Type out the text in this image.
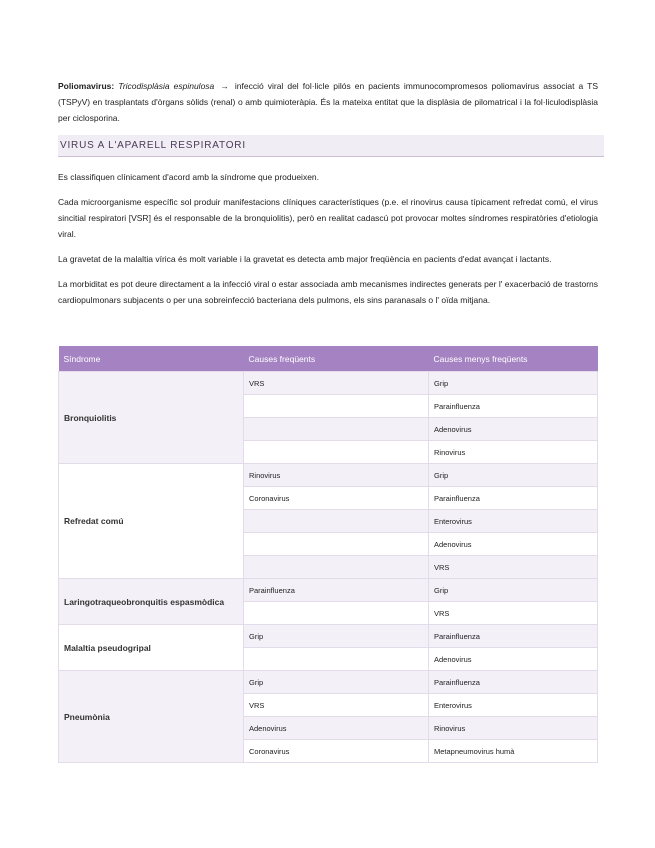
Poliomavirus: Tricodisplàsia espinulosa → infecció viral del fol·licle pilós en pacients immunocompromesos poliomavirus associat a TS (TSPyV) en trasplantats d'òrgans sòlids (renal) o amb quimioteràpia. És la mateixa entitat que la displàsia de pilomatrical i la fol·liculodisplàsia per ciclosporina.

VIRUS A L'APARELL RESPIRATORI

Es classifiquen clínicament d'acord amb la síndrome que produeixen.

Cada microorganisme específic sol produir manifestacions clíniques característiques (p.e. el rinovirus causa típicament refredat comú, el virus sincitial respiratori [VSR] és el responsable de la bronquiolitis), però en realitat cadascú pot provocar moltes síndromes respiratòries d'etiologia viral.

La gravetat de la malaltia vírica és molt variable i la gravetat es detecta amb major freqüència en pacients d'edat avançat i lactants.

La morbiditat es pot deure directament a la infecció viral o estar associada amb mecanismes indirectes generats per l' exacerbació de trastorns cardiopulmonars subjacents o per una sobreinfecció bacteriana dels pulmons, els sins paranasals o l' oïda mitjana.

Síndrome	Causes freqüents	Causes menys freqüents
Bronquiolitis	VRS	Grip
		Parainfluenza
		Adenovirus
		Rinovirus
Refredat comú	Rinovirus	Grip
	Coronavirus	Parainfluenza
		Enterovirus
		Adenovirus
		VRS
Laringotraqueobronquitis espasmòdica	Parainfluenza	Grip
		VRS
Malaltia pseudogripal	Grip	Parainfluenza
		Adenovirus
Pneumònia	Grip	Parainfluenza
	VRS	Enterovirus
	Adenovirus	Rinovirus
	Coronavirus	Metapneumovirus humà
